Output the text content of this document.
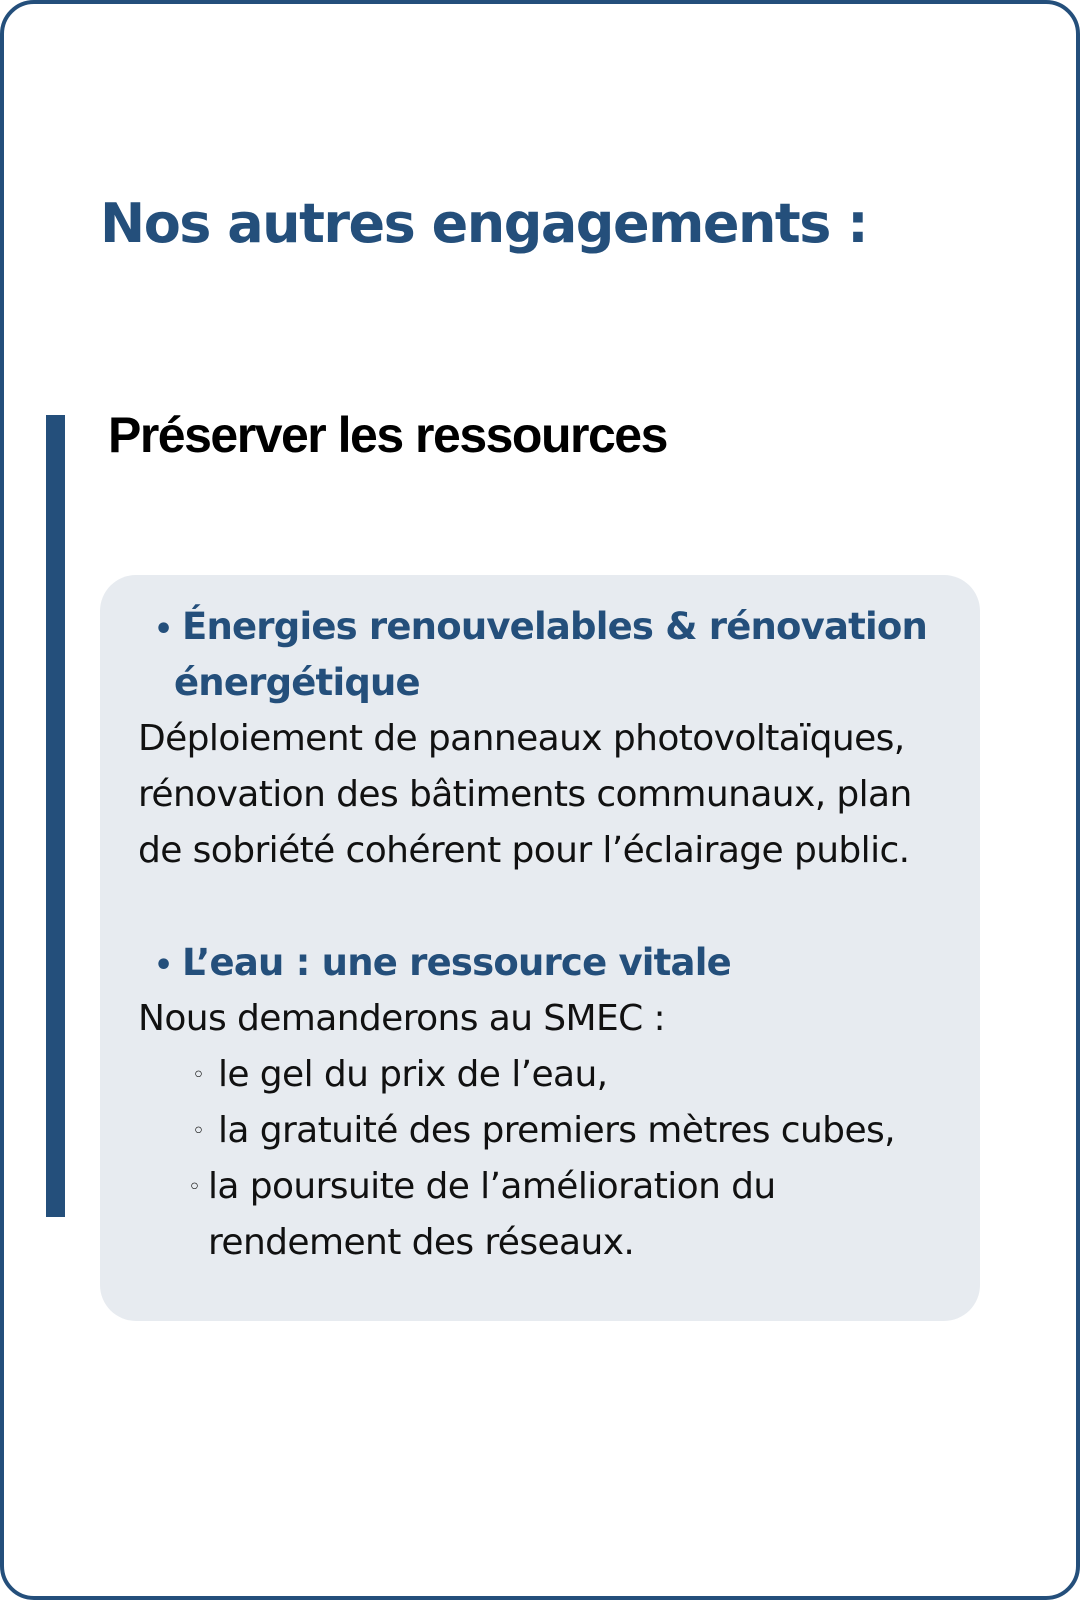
Nos autres engagements :
Préserver les ressources
• Énergies renouvelables & rénovation
énergétique
Déploiement de panneaux photovoltaïques,
rénovation des bâtiments communaux, plan
de sobriété cohérent pour l’éclairage public.
• L’eau : une ressource vitale
Nous demanderons au SMEC :
◦ le gel du prix de l’eau,
◦ la gratuité des premiers mètres cubes,
◦ la poursuite de l’amélioration du
rendement des réseaux.
